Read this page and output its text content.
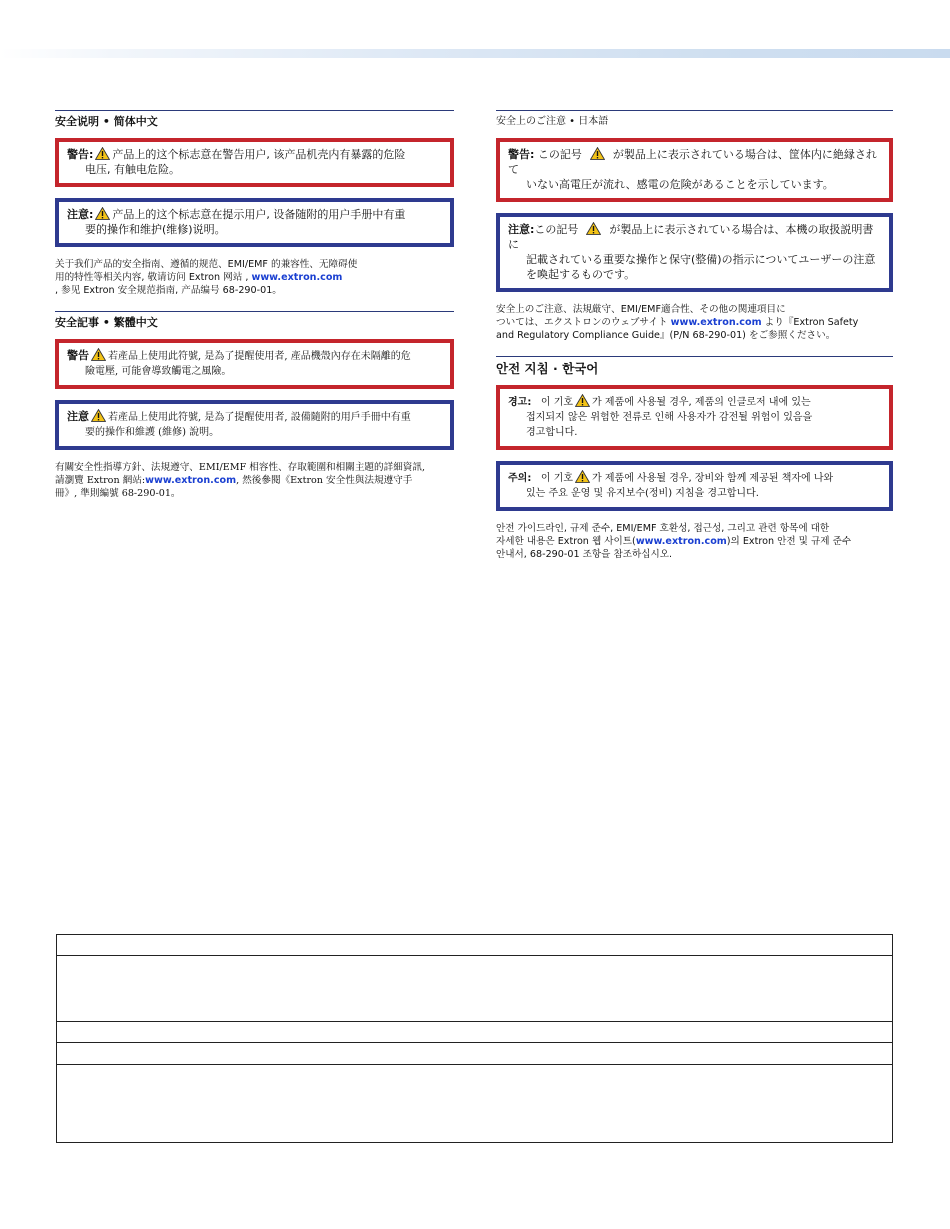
安全说明 • 简体中文
警告: 产品上的这个标志意在警告用户, 该产品机壳内有暴露的危险
电压, 有触电危险。
注意: 产品上的这个标志意在提示用户, 设备随附的用户手册中有重
要的操作和维护(维修)说明。
关于我们产品的安全指南、遵循的规范、EMI/EMF 的兼容性、无障碍使
用的特性等相关内容, 敬请访问 Extron 网站 , www.extron.com
, 参见 Extron 安全规范指南, 产品编号 68-290-01。
安全記事 • 繁體中文
警告 若產品上使用此符號, 是為了提醒使用者, 產品機殼內存在未隔離的危
險電壓, 可能會導致觸電之風險。
注意 若產品上使用此符號, 是為了提醒使用者, 設備隨附的用戶手冊中有重
要的操作和維護 (維修) 說明。
有關安全性指導方針、法規遵守、EMI/EMF 相容性、存取範圍和相關主題的詳細資訊,
請瀏覽 Extron 網站:www.extron.com, 然後參閱《Extron 安全性與法規遵守手
冊》, 準則編號 68-290-01。
安全上のご注意 • 日本語
警告: この記号	が製品上に表示されている場合は、筐体内に絶縁されて
いない高電圧が流れ、感電の危険があることを示しています。
注意:この記号	が製品上に表示されている場合は、本機の取扱説明書に
記載されている重要な操作と保守(整備)の指示についてユーザーの注意
を喚起するものです。
安全上のご注意、法規厳守、EMI/EMF適合性、その他の関連項目に
ついては、エクストロンのウェブサイト www.extron.com より『Extron Safety
and Regulatory Compliance Guide』(P/N 68-290-01) をご参照ください。
안전 지침 · 한국어
경고: 이 기호 가 제품에 사용될 경우, 제품의 인클로저 내에 있는
접지되지 않은 위험한 전류로 인해 사용자가 감전될 위험이 있음을
경고합니다.
주의: 이 기호 가 제품에 사용될 경우, 장비와 함께 제공된 책자에 나와
있는 주요 운영 및 유지보수(정비) 지침을 경고합니다.
안전 가이드라인, 규제 준수, EMI/EMF 호환성, 접근성, 그리고 관련 항목에 대한
자세한 내용은 Extron 웹 사이트(www.extron.com)의 Extron 안전 및 규제 준수
안내서, 68-290-01 조항을 참조하십시오.
